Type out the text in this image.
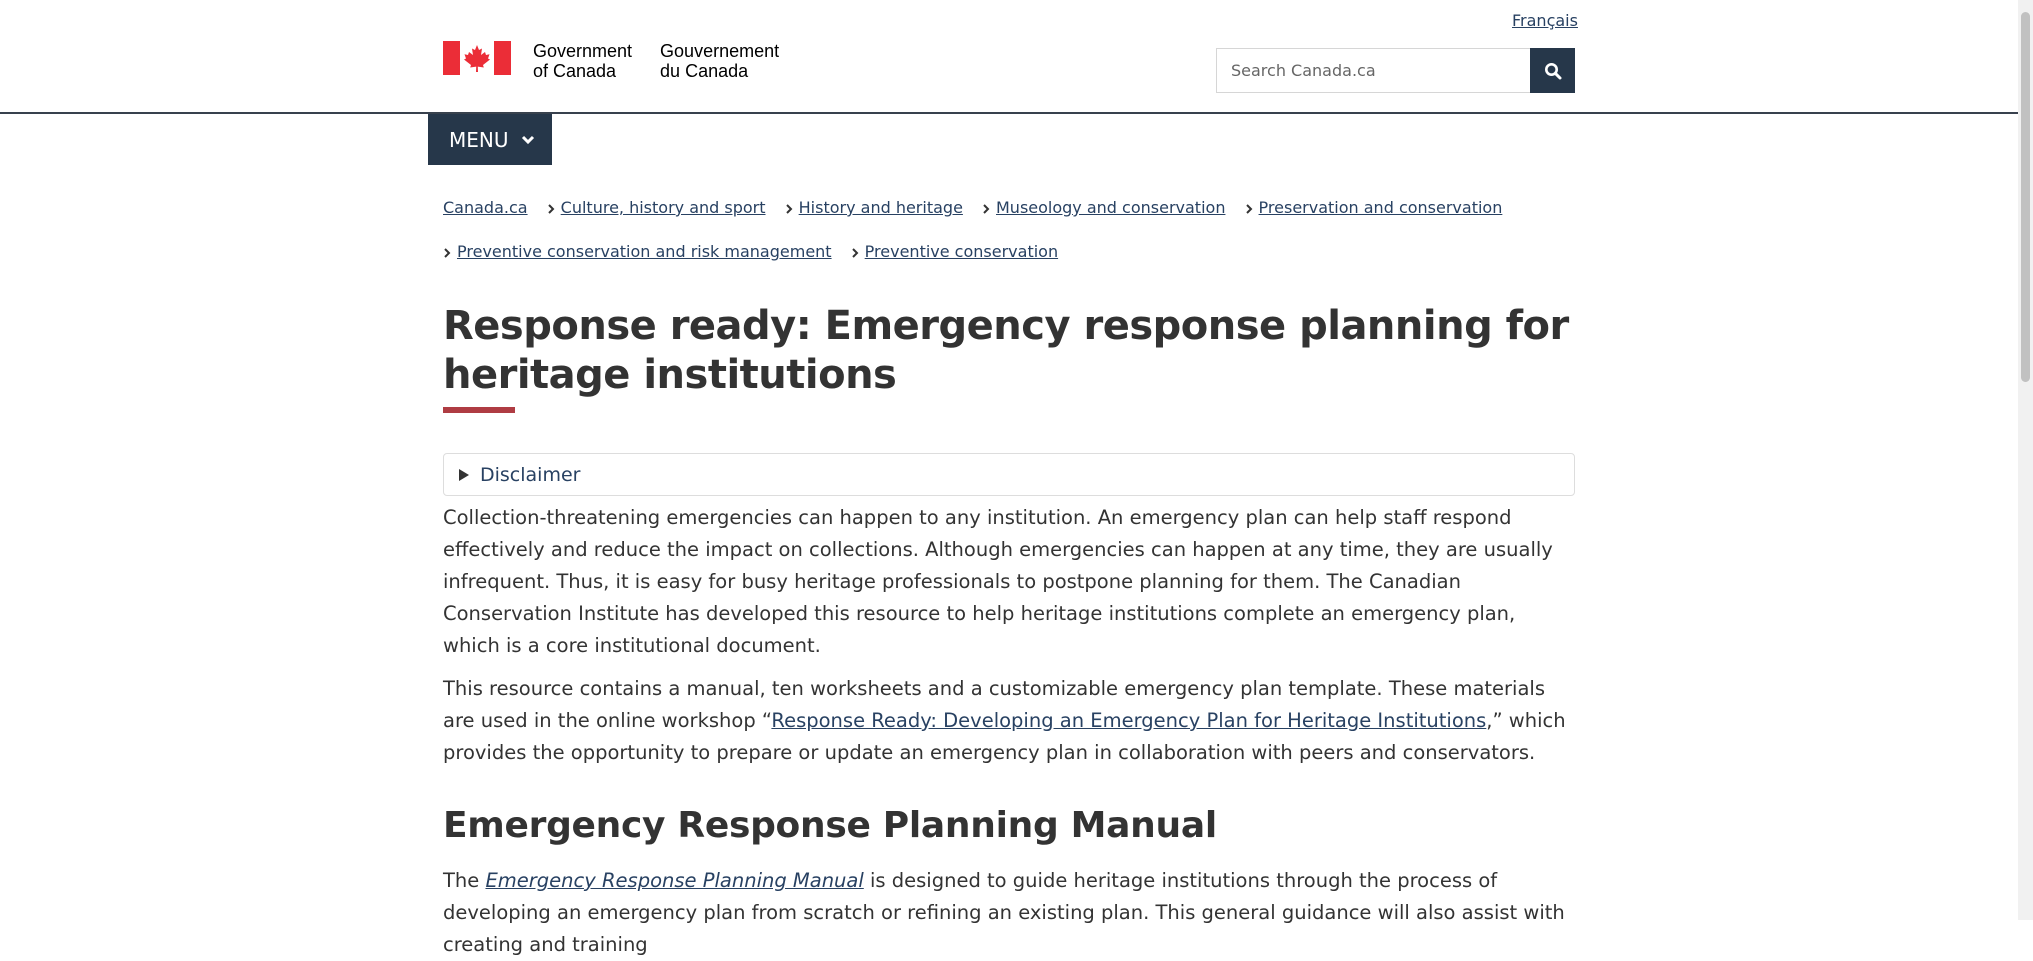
Français
Government
of Canada
Gouvernement
du Canada	Search Canada.ca
MENU
Canada.ca Culture, history and sport History and heritage Museology and conservation Preservation and conservation Preventive conservation and risk management Preventive conservation
Response ready: Emergency response planning for heritage institutions
Disclaimer

Collection-threatening emergencies can happen to any institution. An emergency plan can help staff respond effectively and reduce the impact on collections. Although emergencies can happen at any time, they are usually infrequent. Thus, it is easy for busy heritage professionals to postpone planning for them. The Canadian Conservation Institute has developed this resource to help heritage institutions complete an emergency plan, which is a core institutional document.

This resource contains a manual, ten worksheets and a customizable emergency plan template. These materials are used in the online workshop “Response Ready: Developing an Emergency Plan for Heritage Institutions,” which provides the opportunity to prepare or update an emergency plan in collaboration with peers and conservators.

Emergency Response Planning Manual

The Emergency Response Planning Manual is designed to guide heritage institutions through the process of developing an emergency plan from scratch or refining an existing plan. This general guidance will also assist with creating and training
